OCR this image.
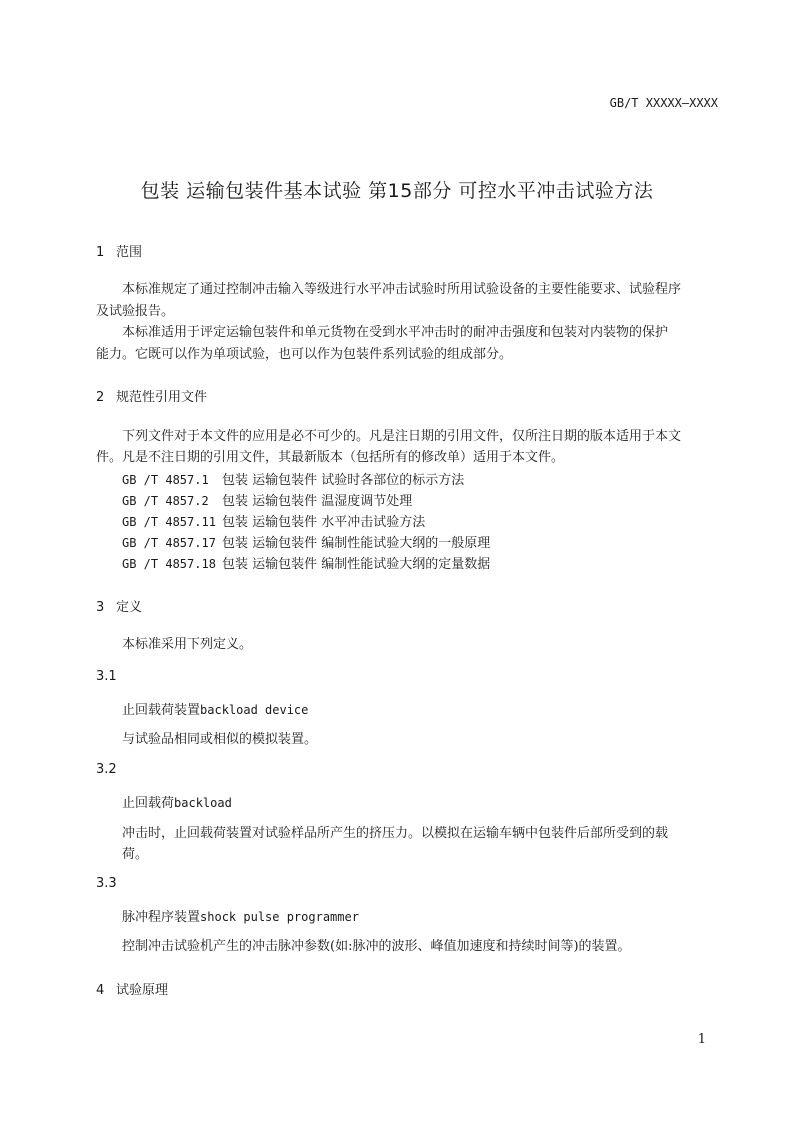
GB/T XXXXX—XXXX
包装 运输包装件基本试验 第15部分 可控水平冲击试验方法
1 范围
本标准规定了通过控制冲击输入等级进行水平冲击试验时所用试验设备的主要性能要求、试验程序
及试验报告。
本标准适用于评定运输包装件和单元货物在受到水平冲击时的耐冲击强度和包装对内装物的保护
能力。它既可以作为单项试验，也可以作为包装件系列试验的组成部分。
2 规范性引用文件
下列文件对于本文件的应用是必不可少的。凡是注日期的引用文件，仅所注日期的版本适用于本文
件。凡是不注日期的引用文件，其最新版本（包括所有的修改单）适用于本文件。
GB /T 4857.1 包装 运输包装件 试验时各部位的标示方法
GB /T 4857.2 包装 运输包装件 温湿度调节处理
GB /T 4857.11 包装 运输包装件 水平冲击试验方法
GB /T 4857.17 包装 运输包装件 编制性能试验大纲的一般原理
GB /T 4857.18 包装 运输包装件 编制性能试验大纲的定量数据
3 定义
本标准采用下列定义。
3.1
止回载荷装置backload device
与试验品相同或相似的模拟装置。
3.2
止回载荷backload
冲击时，止回载荷装置对试验样品所产生的挤压力。以模拟在运输车辆中包装件后部所受到的载
荷。
3.3
脉冲程序装置shock pulse programmer
控制冲击试验机产生的冲击脉冲参数(如:脉冲的波形、峰值加速度和持续时间等)的装置。
4 试验原理
1
